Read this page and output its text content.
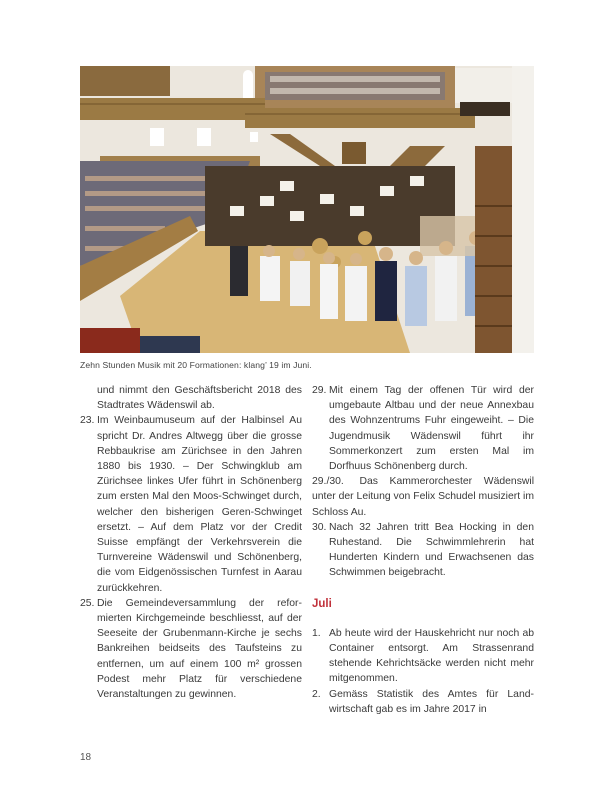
Zehn Stunden Musik mit 20 Formationen: klang’ 19 im Juni.
und nimmt den Geschäftsbericht 2018 des Stadtrates Wädenswil ab.
23. Im Weinbaumuseum auf der Halbinsel Au spricht Dr. Andres Altwegg über die grosse Rebbaukrise am Zürichsee in den Jahren 1880 bis 1930. – Der Schwingklub am Zürichsee linkes Ufer führt in Schönenberg zum ersten Mal den Moos-Schwinget durch, welcher den bisherigen Geren-Schwinget ersetzt. – Auf dem Platz vor der Credit Suisse empfängt der Verkehrsverein die Turnvereine Wädenswil und Schönenberg, die vom Eidgenössischen Turnfest in Aarau zurückkehren.
25. Die Gemeindeversammlung der reformierten Kirchgemeinde beschliesst, auf der Seeseite der Grubenmann-Kirche je sechs Bankreihen beidseits des Taufsteins zu entfernen, um auf einem 100 m² grossen Podest mehr Platz für verschiedene Veranstaltungen zu gewinnen.
29. Mit einem Tag der offenen Tür wird der umgebaute Altbau und der neue Annexbau des Wohnzentrums Fuhr eingeweiht. – Die Jugendmusik Wädenswil führt ihr Sommerkonzert zum ersten Mal im Dorfhuus Schönenberg durch.
29./30. Das Kammerorchester Wädenswil unter der Leitung von Felix Schudel musiziert im Schloss Au.
30. Nach 32 Jahren tritt Bea Hocking in den Ruhestand. Die Schwimmlehrerin hat Hunderten Kindern und Erwachsenen das Schwimmen beigebracht.
Juli
1. Ab heute wird der Hauskehricht nur noch ab Container entsorgt. Am Strassenrand stehende Kehrichtsäcke werden nicht mehr mitgenommen.
2. Gemäss Statistik des Amtes für Landwirtschaft gab es im Jahre 2017 in
18
